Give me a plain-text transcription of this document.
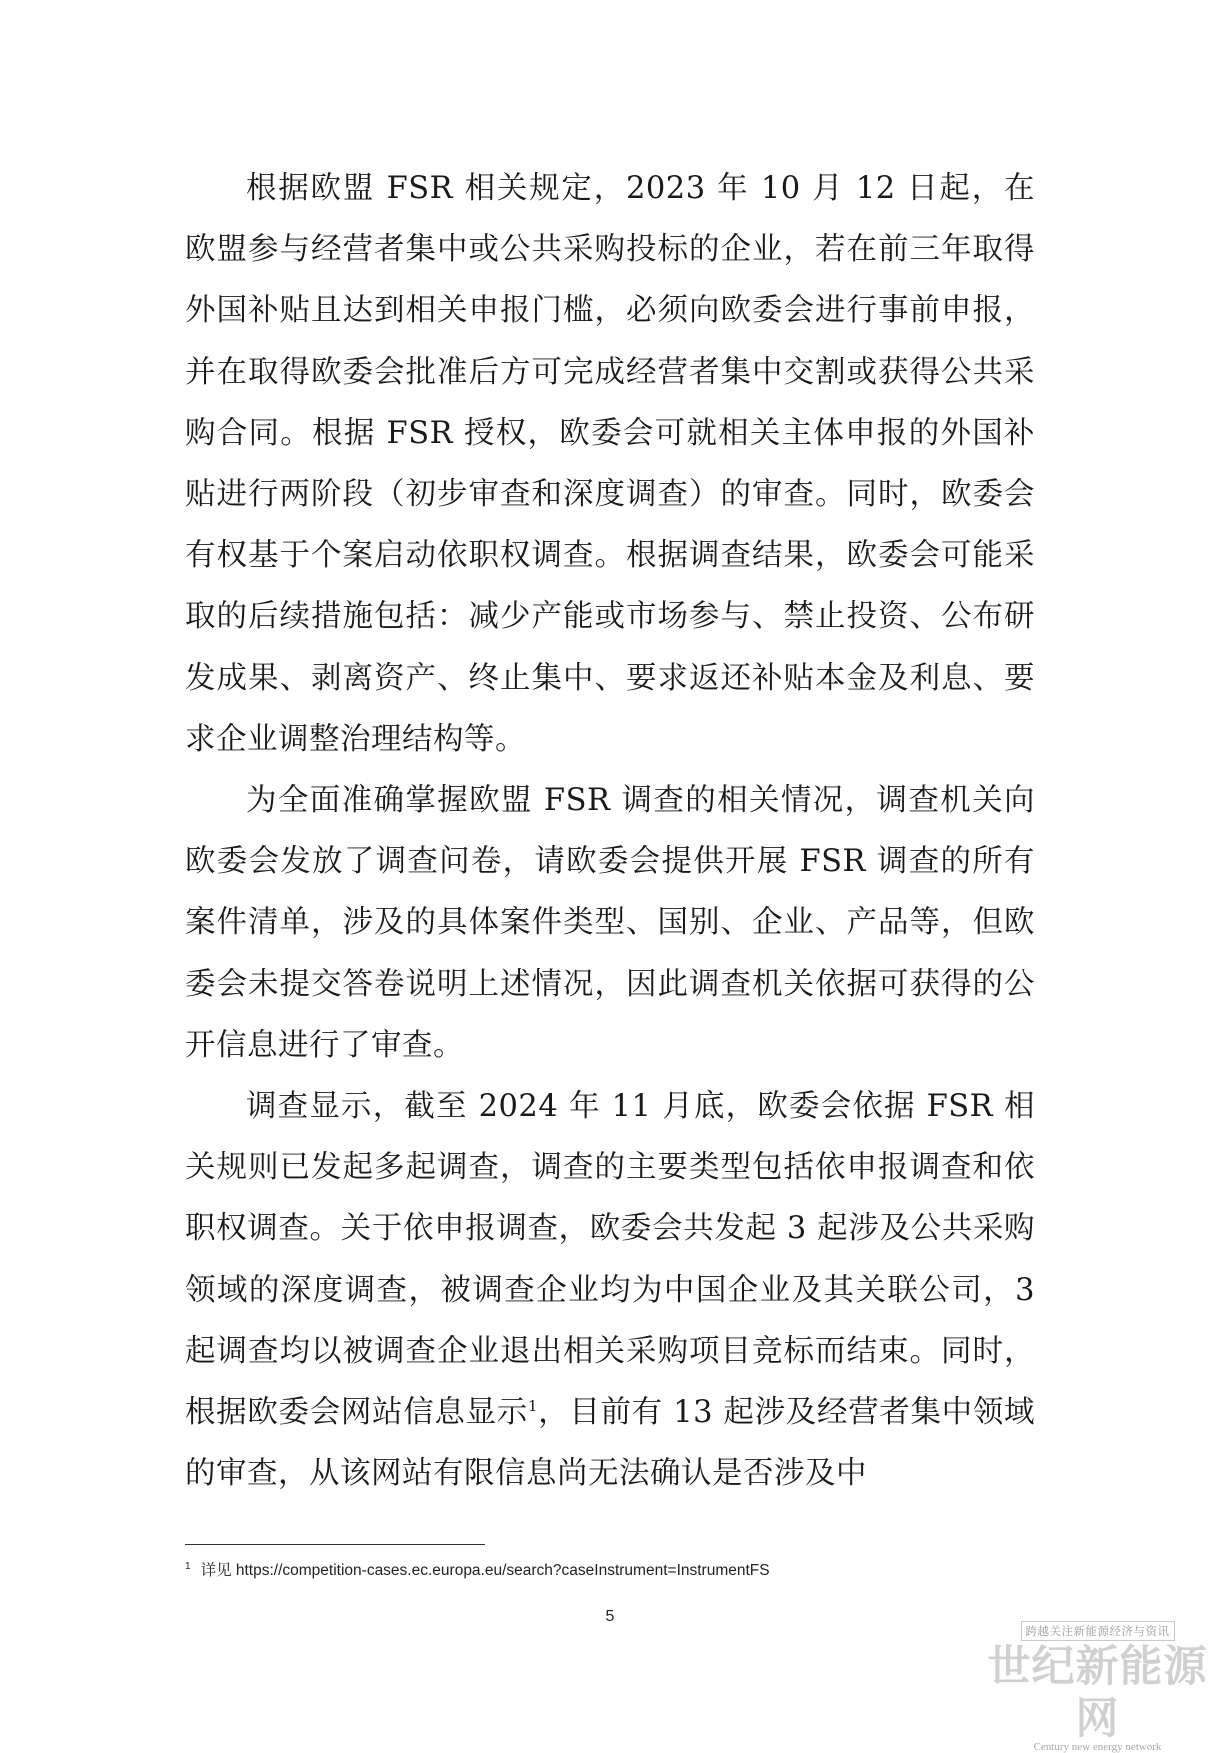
根据欧盟 FSR 相关规定，2023 年 10 月 12 日起，在欧盟参与经营者集中或公共采购投标的企业，若在前三年取得外国补贴且达到相关申报门槛，必须向欧委会进行事前申报，并在取得欧委会批准后方可完成经营者集中交割或获得公共采购合同。根据 FSR 授权，欧委会可就相关主体申报的外国补贴进行两阶段（初步审查和深度调查）的审查。同时，欧委会有权基于个案启动依职权调查。根据调查结果，欧委会可能采取的后续措施包括：减少产能或市场参与、禁止投资、公布研发成果、剥离资产、终止集中、要求返还补贴本金及利息、要求企业调整治理结构等。

为全面准确掌握欧盟 FSR 调查的相关情况，调查机关向欧委会发放了调查问卷，请欧委会提供开展 FSR 调查的所有案件清单，涉及的具体案件类型、国别、企业、产品等，但欧委会未提交答卷说明上述情况，因此调查机关依据可获得的公开信息进行了审查。

调查显示，截至 2024 年 11 月底，欧委会依据 FSR 相关规则已发起多起调查，调查的主要类型包括依申报调查和依职权调查。关于依申报调查，欧委会共发起 3 起涉及公共采购领域的深度调查，被调查企业均为中国企业及其关联公司，3 起调查均以被调查企业退出相关采购项目竞标而结束。同时，根据欧委会网站信息显示$^1$，目前有 13 起涉及经营者集中领域的审查，从该网站有限信息尚无法确认是否涉及中

$^1$ 详见 https://competition-cases.ec.europa.eu/search?caseInstrument=InstrumentFS
5
跨越关注新能源经济与资讯
世纪新能源网
Century new energy network
